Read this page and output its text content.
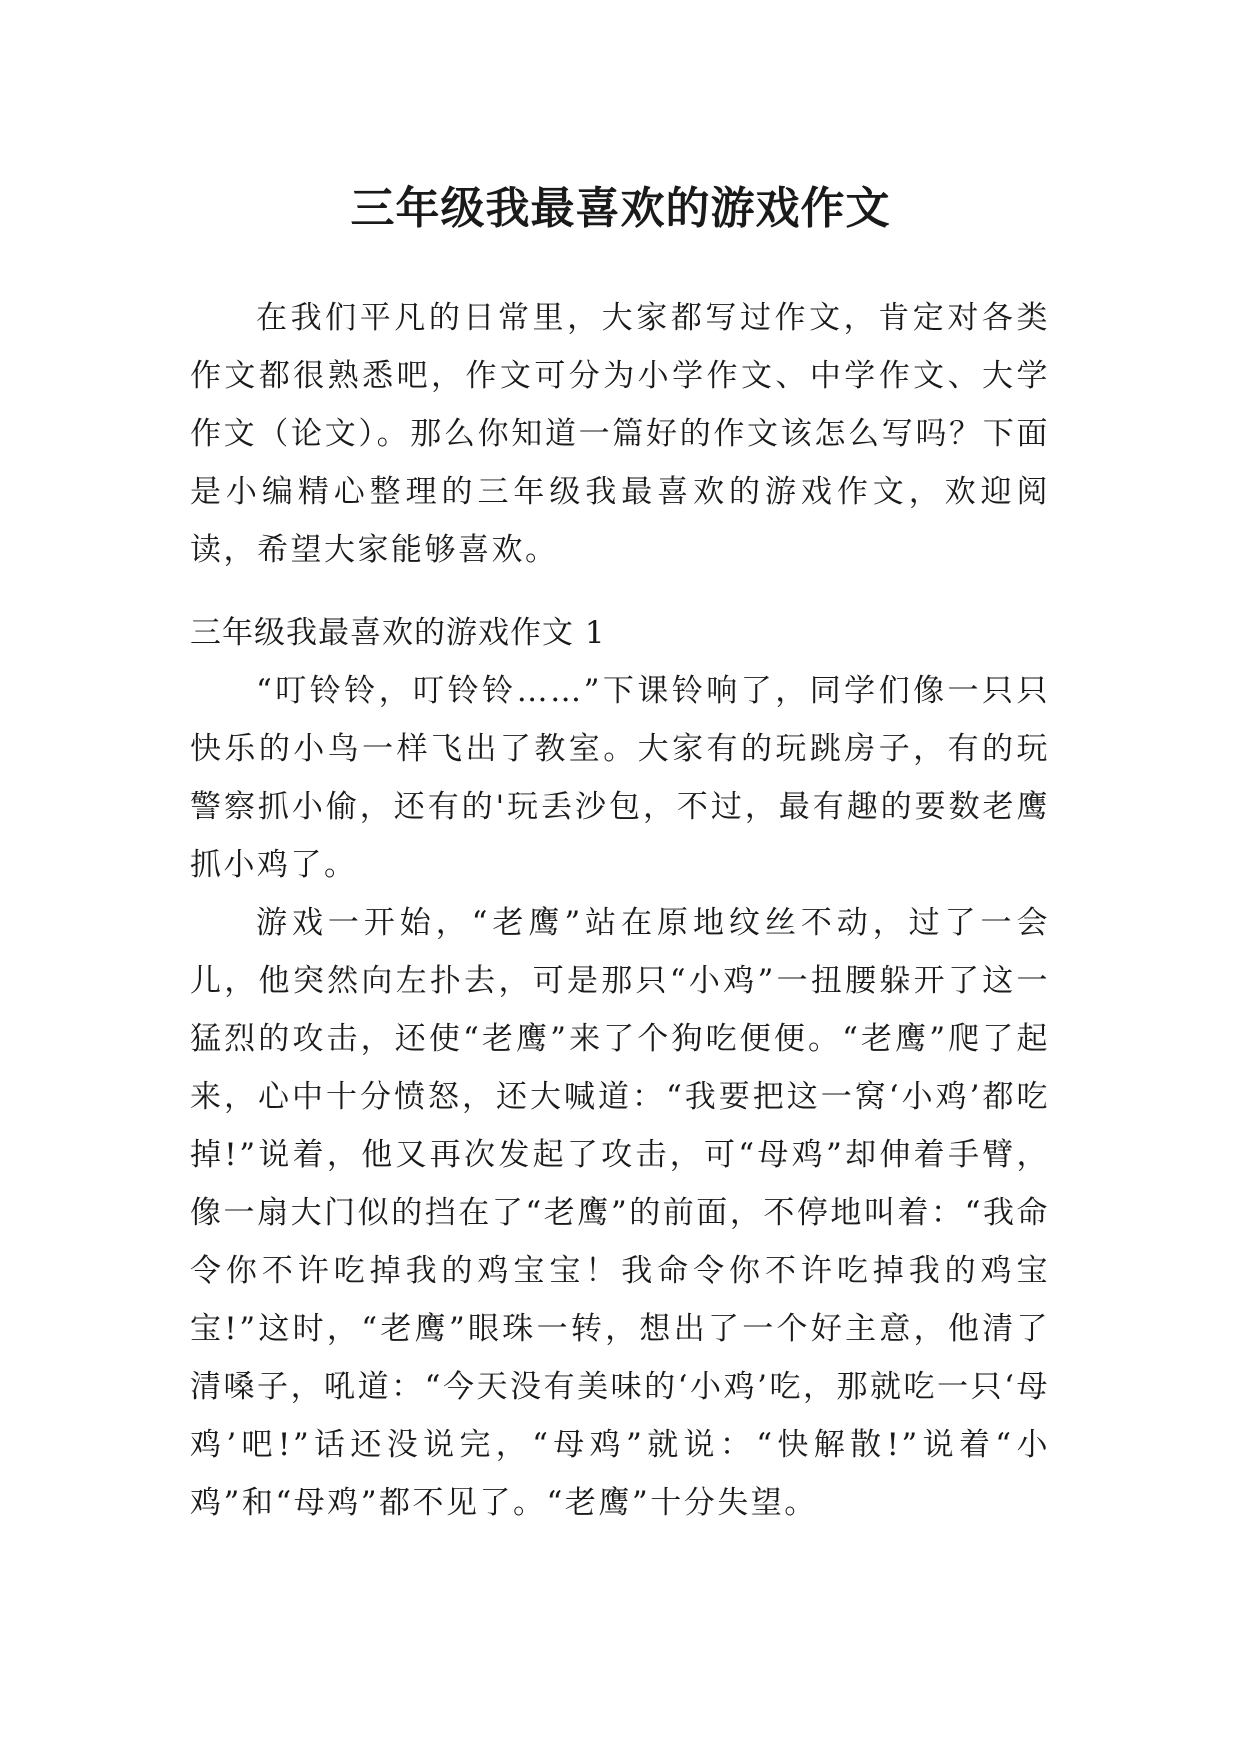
三年级我最喜欢的游戏作文

在我们平凡的日常里，大家都写过作文，肯定对各类作文都很熟悉吧，作文可分为小学作文、中学作文、大学作文（论文）。那么你知道一篇好的作文该怎么写吗？下面是小编精心整理的三年级我最喜欢的游戏作文，欢迎阅读，希望大家能够喜欢。

三年级我最喜欢的游戏作文 1

“叮铃铃，叮铃铃……”下课铃响了，同学们像一只只快乐的小鸟一样飞出了教室。大家有的玩跳房子，有的玩警察抓小偷，还有的'玩丢沙包，不过，最有趣的要数老鹰抓小鸡了。

游戏一开始，“老鹰”站在原地纹丝不动，过了一会儿，他突然向左扑去，可是那只“小鸡”一扭腰躲开了这一猛烈的攻击，还使“老鹰”来了个狗吃便便。“老鹰”爬了起来，心中十分愤怒，还大喊道：“我要把这一窝‘小鸡’都吃掉!”说着，他又再次发起了攻击，可“母鸡”却伸着手臂，像一扇大门似的挡在了“老鹰”的前面，不停地叫着：“我命令你不许吃掉我的鸡宝宝！我命令你不许吃掉我的鸡宝宝!”这时，“老鹰”眼珠一转，想出了一个好主意，他清了清嗓子，吼道：“今天没有美味的‘小鸡’吃，那就吃一只‘母鸡’吧!”话还没说完，“母鸡”就说：“快解散!”说着“小鸡”和“母鸡”都不见了。“老鹰”十分失望。
